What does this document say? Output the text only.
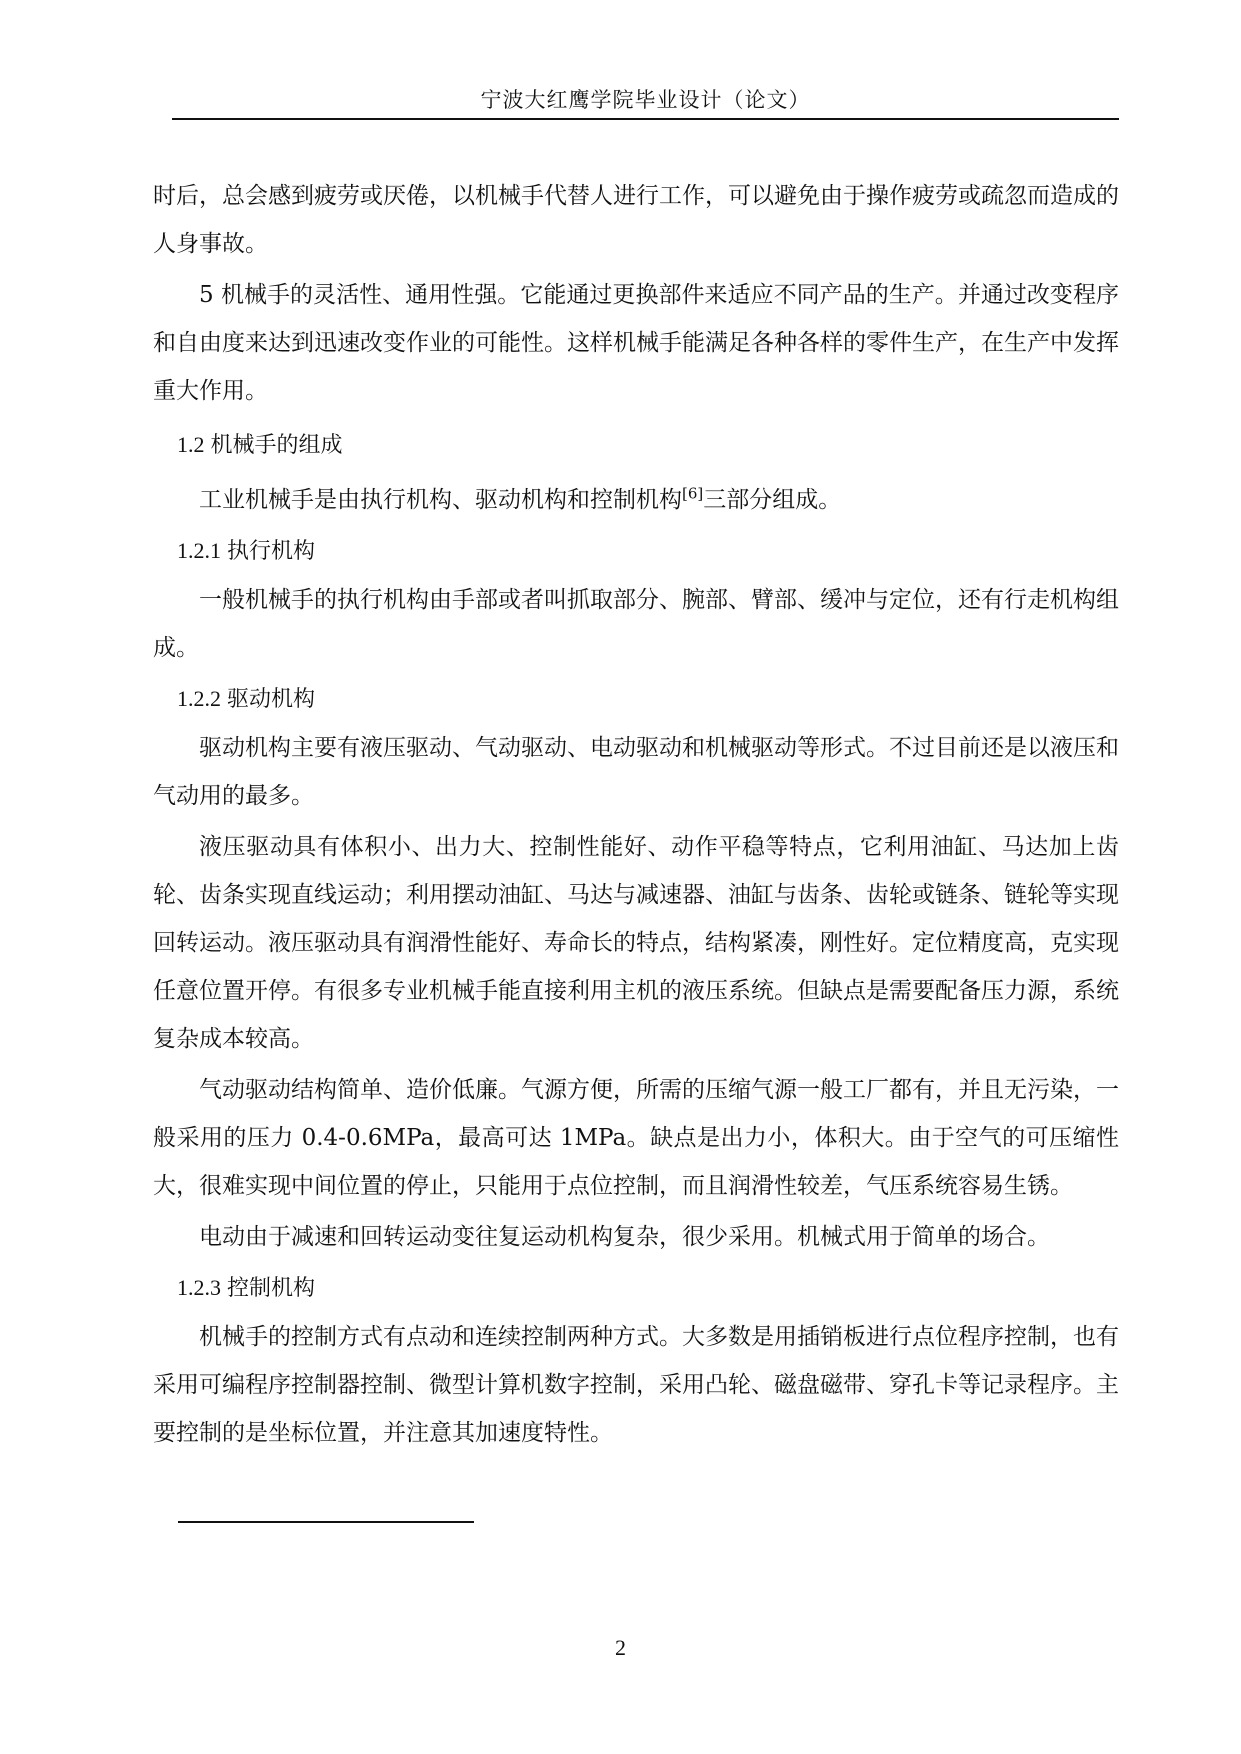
宁波大红鹰学院毕业设计（论文）

时后，总会感到疲劳或厌倦，以机械手代替人进行工作，可以避免由于操作疲劳或疏忽而造成的人身事故。

5 机械手的灵活性、通用性强。它能通过更换部件来适应不同产品的生产。并通过改变程序和自由度来达到迅速改变作业的可能性。这样机械手能满足各种各样的零件生产，在生产中发挥重大作用。

1.2 机械手的组成

工业机械手是由执行机构、驱动机构和控制机构[6]三部分组成。

1.2.1 执行机构

一般机械手的执行机构由手部或者叫抓取部分、腕部、臂部、缓冲与定位，还有行走机构组成。

1.2.2 驱动机构

驱动机构主要有液压驱动、气动驱动、电动驱动和机械驱动等形式。不过目前还是以液压和气动用的最多。

液压驱动具有体积小、出力大、控制性能好、动作平稳等特点，它利用油缸、马达加上齿轮、齿条实现直线运动；利用摆动油缸、马达与减速器、油缸与齿条、齿轮或链条、链轮等实现回转运动。液压驱动具有润滑性能好、寿命长的特点，结构紧凑，刚性好。定位精度高，克实现任意位置开停。有很多专业机械手能直接利用主机的液压系统。但缺点是需要配备压力源，系统复杂成本较高。

气动驱动结构简单、造价低廉。气源方便，所需的压缩气源一般工厂都有，并且无污染，一般采用的压力 0.4-0.6MPa，最高可达 1MPa。缺点是出力小，体积大。由于空气的可压缩性大，很难实现中间位置的停止，只能用于点位控制，而且润滑性较差，气压系统容易生锈。

电动由于减速和回转运动变往复运动机构复杂，很少采用。机械式用于简单的场合。

1.2.3 控制机构

机械手的控制方式有点动和连续控制两种方式。大多数是用插销板进行点位程序控制，也有采用可编程序控制器控制、微型计算机数字控制，采用凸轮、磁盘磁带、穿孔卡等记录程序。主要控制的是坐标位置，并注意其加速度特性。

2
